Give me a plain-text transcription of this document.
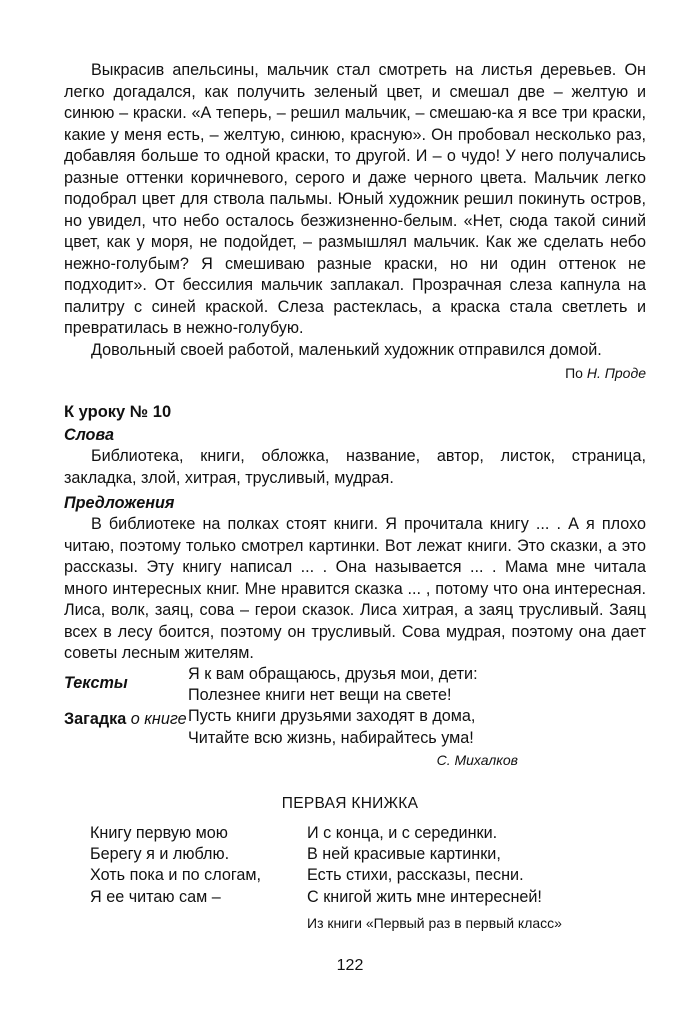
Выкрасив апельсины, мальчик стал смотреть на листья деревьев. Он легко догадался, как получить зеленый цвет, и смешал две – желтую и синюю – краски. «А теперь, – решил мальчик, – смешаю-ка я все три краски, какие у меня есть, – желтую, синюю, красную». Он пробовал несколько раз, добавляя больше то одной краски, то другой. И – о чудо! У него получались разные оттенки коричневого, серого и даже черного цвета. Мальчик легко подобрал цвет для ствола пальмы. Юный художник решил покинуть остров, но увидел, что небо осталось безжизненно-белым. «Нет, сюда такой синий цвет, как у моря, не подойдет, – размышлял мальчик. Как же сделать небо нежно-голубым? Я смешиваю разные краски, но ни один оттенок не подходит». От бессилия мальчик заплакал. Прозрачная слеза капнула на палитру с синей краской. Слеза растеклась, а краска стала светлеть и превратилась в нежно-голубую.

Довольный своей работой, маленький художник отправился домой.

По Н. Проде

К уроку № 10
Слова

Библиотека, книги, обложка, название, автор, листок, страница, закладка, злой, хитрая, трусливый, мудрая.

Предложения

В библиотеке на полках стоят книги. Я прочитала книгу ... . А я плохо читаю, поэтому только смотрел картинки. Вот лежат книги. Это сказки, а это рассказы. Эту книгу написал ... . Она называется ... . Мама мне читала много интересных книг. Мне нравится сказка ... , потому что она интересная. Лиса, волк, заяц, сова – герои сказок. Лиса хитрая, а заяц трусливый. Заяц всех в лесу боится, поэтому он трусливый. Сова мудрая, поэтому она дает советы лесным жителям.

Тексты
Загадка о книге

Я к вам обращаюсь, друзья мои, дети:

Полезнее книги нет вещи на свете!

Пусть книги друзьями заходят в дома,

Читайте всю жизнь, набирайтесь ума!

С. Михалков

ПЕРВАЯ КНИЖКА

Книгу первую мою

Берегу я и люблю.

Хоть пока и по слогам,

Я ее читаю сам –

И с конца, и с серединки.

В ней красивые картинки,

Есть стихи, рассказы, песни.

С книгой жить мне интересней!

Из книги «Первый раз в первый класс»

122
